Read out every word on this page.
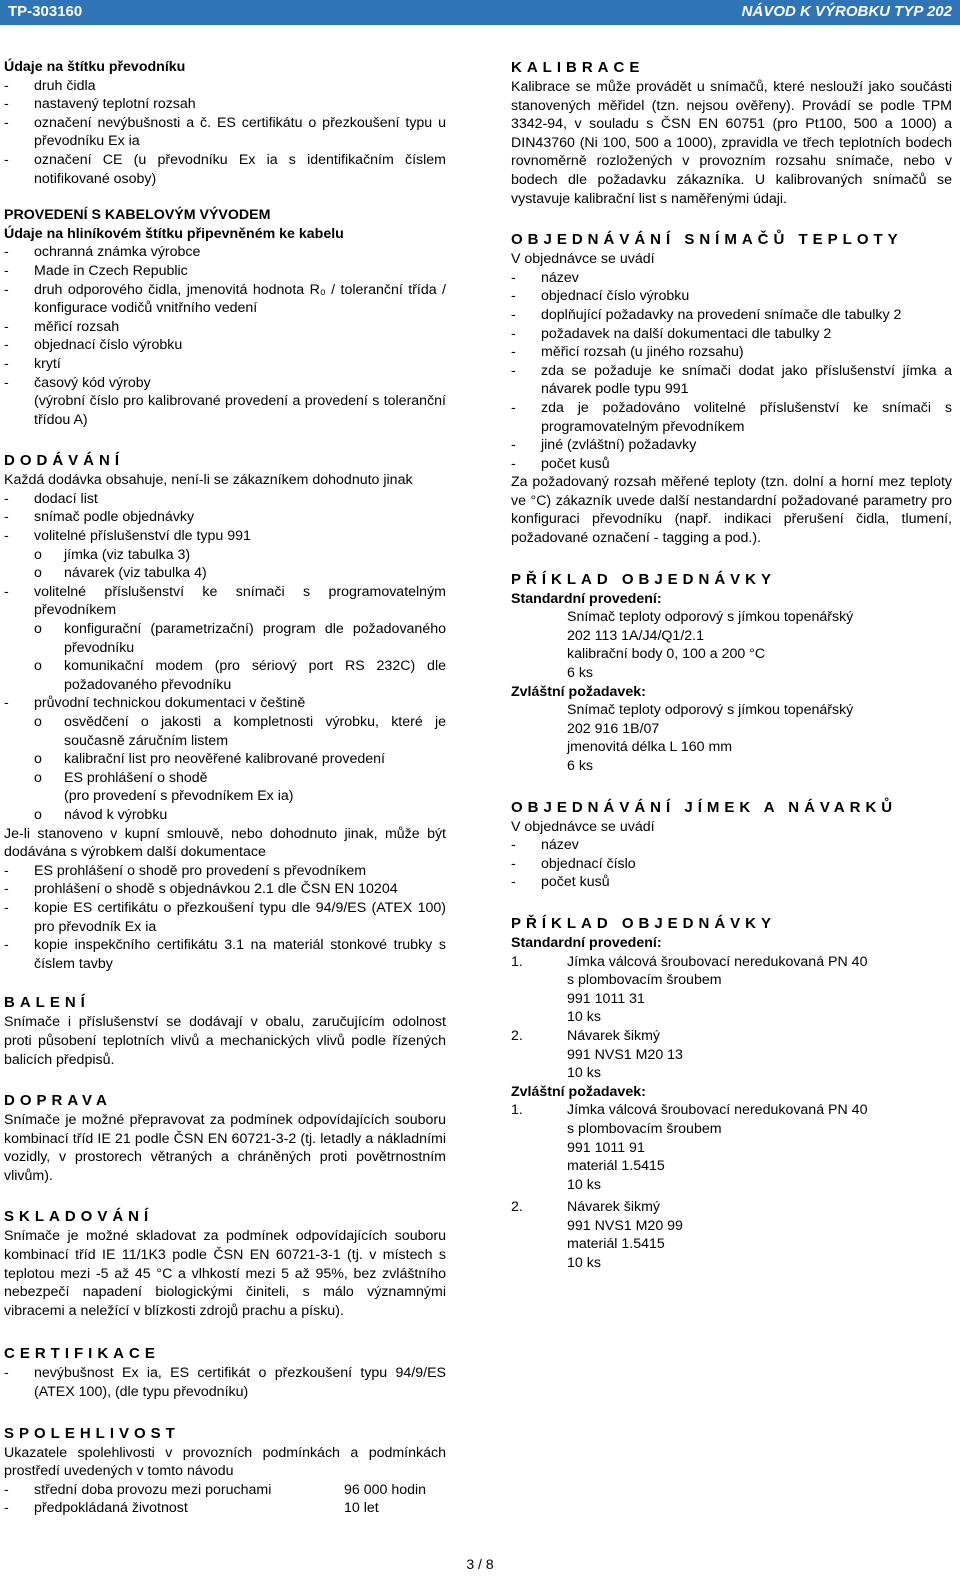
TP-303160	NÁVOD K VÝROBKU TYP 202
Údaje na štítku převodníku
-	druh čidla
-	nastavený teplotní rozsah
-	označení nevýbušnosti a č. ES certifikátu o přezkoušení typu u převodníku Ex ia
-	označení CE (u převodníku Ex ia s identifikačním číslem notifikované osoby)
PROVEDENÍ S KABELOVÝM VÝVODEM
Údaje na hliníkovém štítku připevněném ke kabelu
-	ochranná známka výrobce
-	Made in Czech Republic
-	druh odporového čidla, jmenovitá hodnota R₀ / toleranční třída / konfigurace vodičů vnitřního vedení
-	měřicí rozsah
-	objednací číslo výrobku
-	krytí
-	časový kód výroby
(výrobní číslo pro kalibrované provedení a provedení s toleranční třídou A)
DODÁVÁNÍ

Každá dodávka obsahuje, není-li se zákazníkem dohodnuto jinak

-	dodací list
-	snímač podle objednávky
-	volitelné příslušenství dle typu 991
o	jímka (viz tabulka 3)
o	návarek (viz tabulka 4)
-	volitelné příslušenství ke snímači s programovatelným převodníkem
o	konfigurační (parametrizační) program dle požadovaného převodníku
o	komunikační modem (pro sériový port RS 232C) dle požadovaného převodníku
-	průvodní technickou dokumentaci v češtině
o	osvědčení o jakosti a kompletnosti výrobku, které je současně záručním listem
o	kalibrační list pro neověřené kalibrované provedení
o	ES prohlášení o shodě
(pro provedení s převodníkem Ex ia)
o	návod k výrobku

Je-li stanoveno v kupní smlouvě, nebo dohodnuto jinak, může být dodávána s výrobkem další dokumentace

-	ES prohlášení o shodě pro provedení s převodníkem
-	prohlášení o shodě s objednávkou 2.1 dle ČSN EN 10204
-	kopie ES certifikátu o přezkoušení typu dle 94/9/ES (ATEX 100) pro převodník Ex ia
-	kopie inspekčního certifikátu 3.1 na materiál stonkové trubky s číslem tavby
BALENÍ

Snímače i příslušenství se dodávají v obalu, zaručujícím odolnost proti působení teplotních vlivů a mechanických vlivů podle řízených balicích předpisů.

DOPRAVA

Snímače je možné přepravovat za podmínek odpovídajících souboru kombinací tříd IE 21 podle ČSN EN 60721-3-2 (tj. letadly a nákladními vozidly, v prostorech větraných a chráněných proti povětrnostním vlivům).

SKLADOVÁNÍ

Snímače je možné skladovat za podmínek odpovídajících souboru kombinací tříd IE 11/1K3 podle ČSN EN 60721-3-1 (tj. v místech s teplotou mezi -5 až 45 °C a vlhkostí mezi 5 až 95%, bez zvláštního nebezpečí napadení biologickými činiteli, s málo významnými vibracemi a neležící v blízkosti zdrojů prachu a písku).

CERTIFIKACE
-	nevýbušnost Ex ia, ES certifikát o přezkoušení typu 94/9/ES (ATEX 100), (dle typu převodníku)
SPOLEHLIVOST

Ukazatele spolehlivosti v provozních podmínkách a podmínkách prostředí uvedených v tomto návodu

-	střední doba provozu mezi poruchami	96 000 hodin
-	předpokládaná životnost	10 let
KALIBRACE

Kalibrace se může provádět u snímačů, které neslouží jako součásti stanovených měřidel (tzn. nejsou ověřeny). Provádí se podle TPM 3342-94, v souladu s ČSN EN 60751 (pro Pt100, 500 a 1000) a DIN43760 (Ni 100, 500 a 1000), zpravidla ve třech teplotních bodech rovnoměrně rozložených v provozním rozsahu snímače, nebo v bodech dle požadavku zákazníka. U kalibrovaných snímačů se vystavuje kalibrační list s naměřenými údaji.

OBJEDNÁVÁNÍ SNÍMAČŮ TEPLOTY

V objednávce se uvádí

-	název
-	objednací číslo výrobku
-	doplňující požadavky na provedení snímače dle tabulky 2
-	požadavek na další dokumentaci dle tabulky 2
-	měřicí rozsah (u jiného rozsahu)
-	zda se požaduje ke snímači dodat jako příslušenství jímka a návarek podle typu 991
-	zda je požadováno volitelné příslušenství ke snímači s programovatelným převodníkem
-	jiné (zvláštní) požadavky
-	počet kusů

Za požadovaný rozsah měřené teploty (tzn. dolní a horní mez teploty ve °C) zákazník uvede další nestandardní požadované parametry pro konfiguraci převodníku (např. indikaci přerušení čidla, tlumení, požadované označení - tagging a pod.).

PŘÍKLAD OBJEDNÁVKY
Standardní provedení:
Snímač teploty odporový s jímkou topenářský
202 113 1A/J4/Q1/2.1
kalibrační body 0, 100 a 200 °C
6 ks
Zvláštní požadavek:
Snímač teploty odporový s jímkou topenářský
202 916 1B/07
jmenovitá délka L 160 mm
6 ks
OBJEDNÁVÁNÍ JÍMEK A NÁVARKŮ

V objednávce se uvádí

-	název
-	objednací číslo
-	počet kusů
PŘÍKLAD OBJEDNÁVKY
Standardní provedení:
1.	Jímka válcová šroubovací neredukovaná PN 40
s plombovacím šroubem
991 1011 31
10 ks
2.	Návarek šikmý
991 NVS1 M20 13
10 ks
Zvláštní požadavek:
1.	Jímka válcová šroubovací neredukovaná PN 40
s plombovacím šroubem
991 1011 91
materiál 1.5415
10 ks
2.	Návarek šikmý
991 NVS1 M20 99
materiál 1.5415
10 ks
3 / 8
